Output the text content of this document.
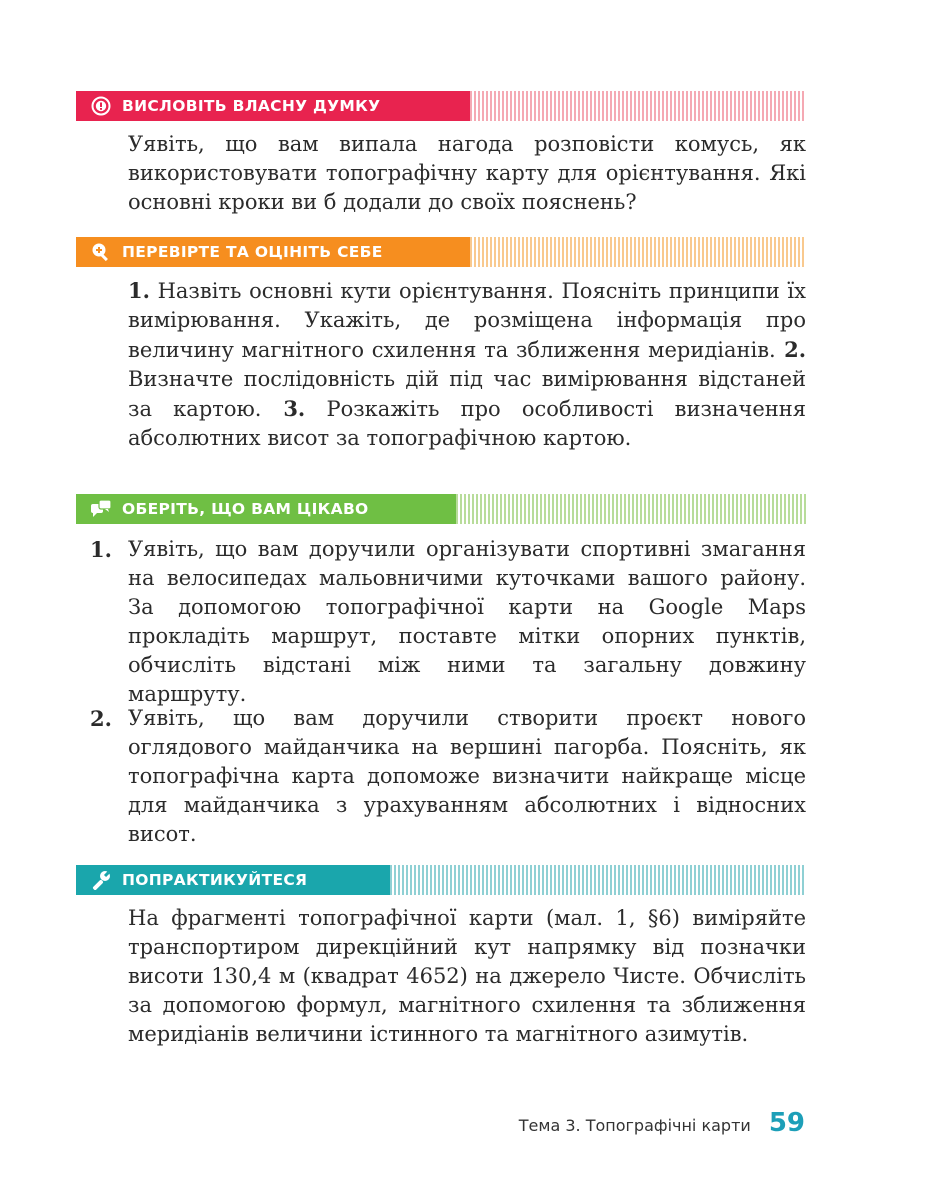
ВИСЛОВІТЬ ВЛАСНУ ДУМКУ

Уявіть, що вам випала нагода розповісти комусь, як використовувати топографічну карту для орієнтування. Які основні кроки ви б додали до своїх пояснень?

ПЕРЕВІРТЕ ТА ОЦІНІТЬ СЕБЕ

1. Назвіть основні кути орієнтування. Поясніть принципи їх вимірювання. Укажіть, де розміщена інформація про величину магнітного схилення та зближення меридіанів. 2. Визначте послідовність дій під час вимірювання відстаней за картою. 3. Розкажіть про особливості визначення абсолютних висот за топографічною картою.

ОБЕРІТЬ, ЩО ВАМ ЦІКАВО
1. Уявіть, що вам доручили організувати спортивні змагання на велосипедах мальовничими куточками вашого району. За допомогою топографічної карти на Google Maps прокладіть маршрут, поставте мітки опорних пунктів, обчисліть відстані між ними та загальну довжину маршруту.
2. Уявіть, що вам доручили створити проєкт нового оглядового майданчика на вершині пагорба. Поясніть, як топографічна карта допоможе визначити найкраще місце для майданчика з урахуванням абсолютних і відносних висот.
ПОПРАКТИКУЙТЕСЯ

На фрагменті топографічної карти (мал. 1, §6) виміряйте транспортиром дирекційний кут напрямку від позначки висоти 130,4 м (квадрат 4652) на джерело Чисте. Обчисліть за допомогою формул, магнітного схилення та зближення меридіанів величини істинного та магнітного азимутів.

Тема 3. Топографічні карти 59
